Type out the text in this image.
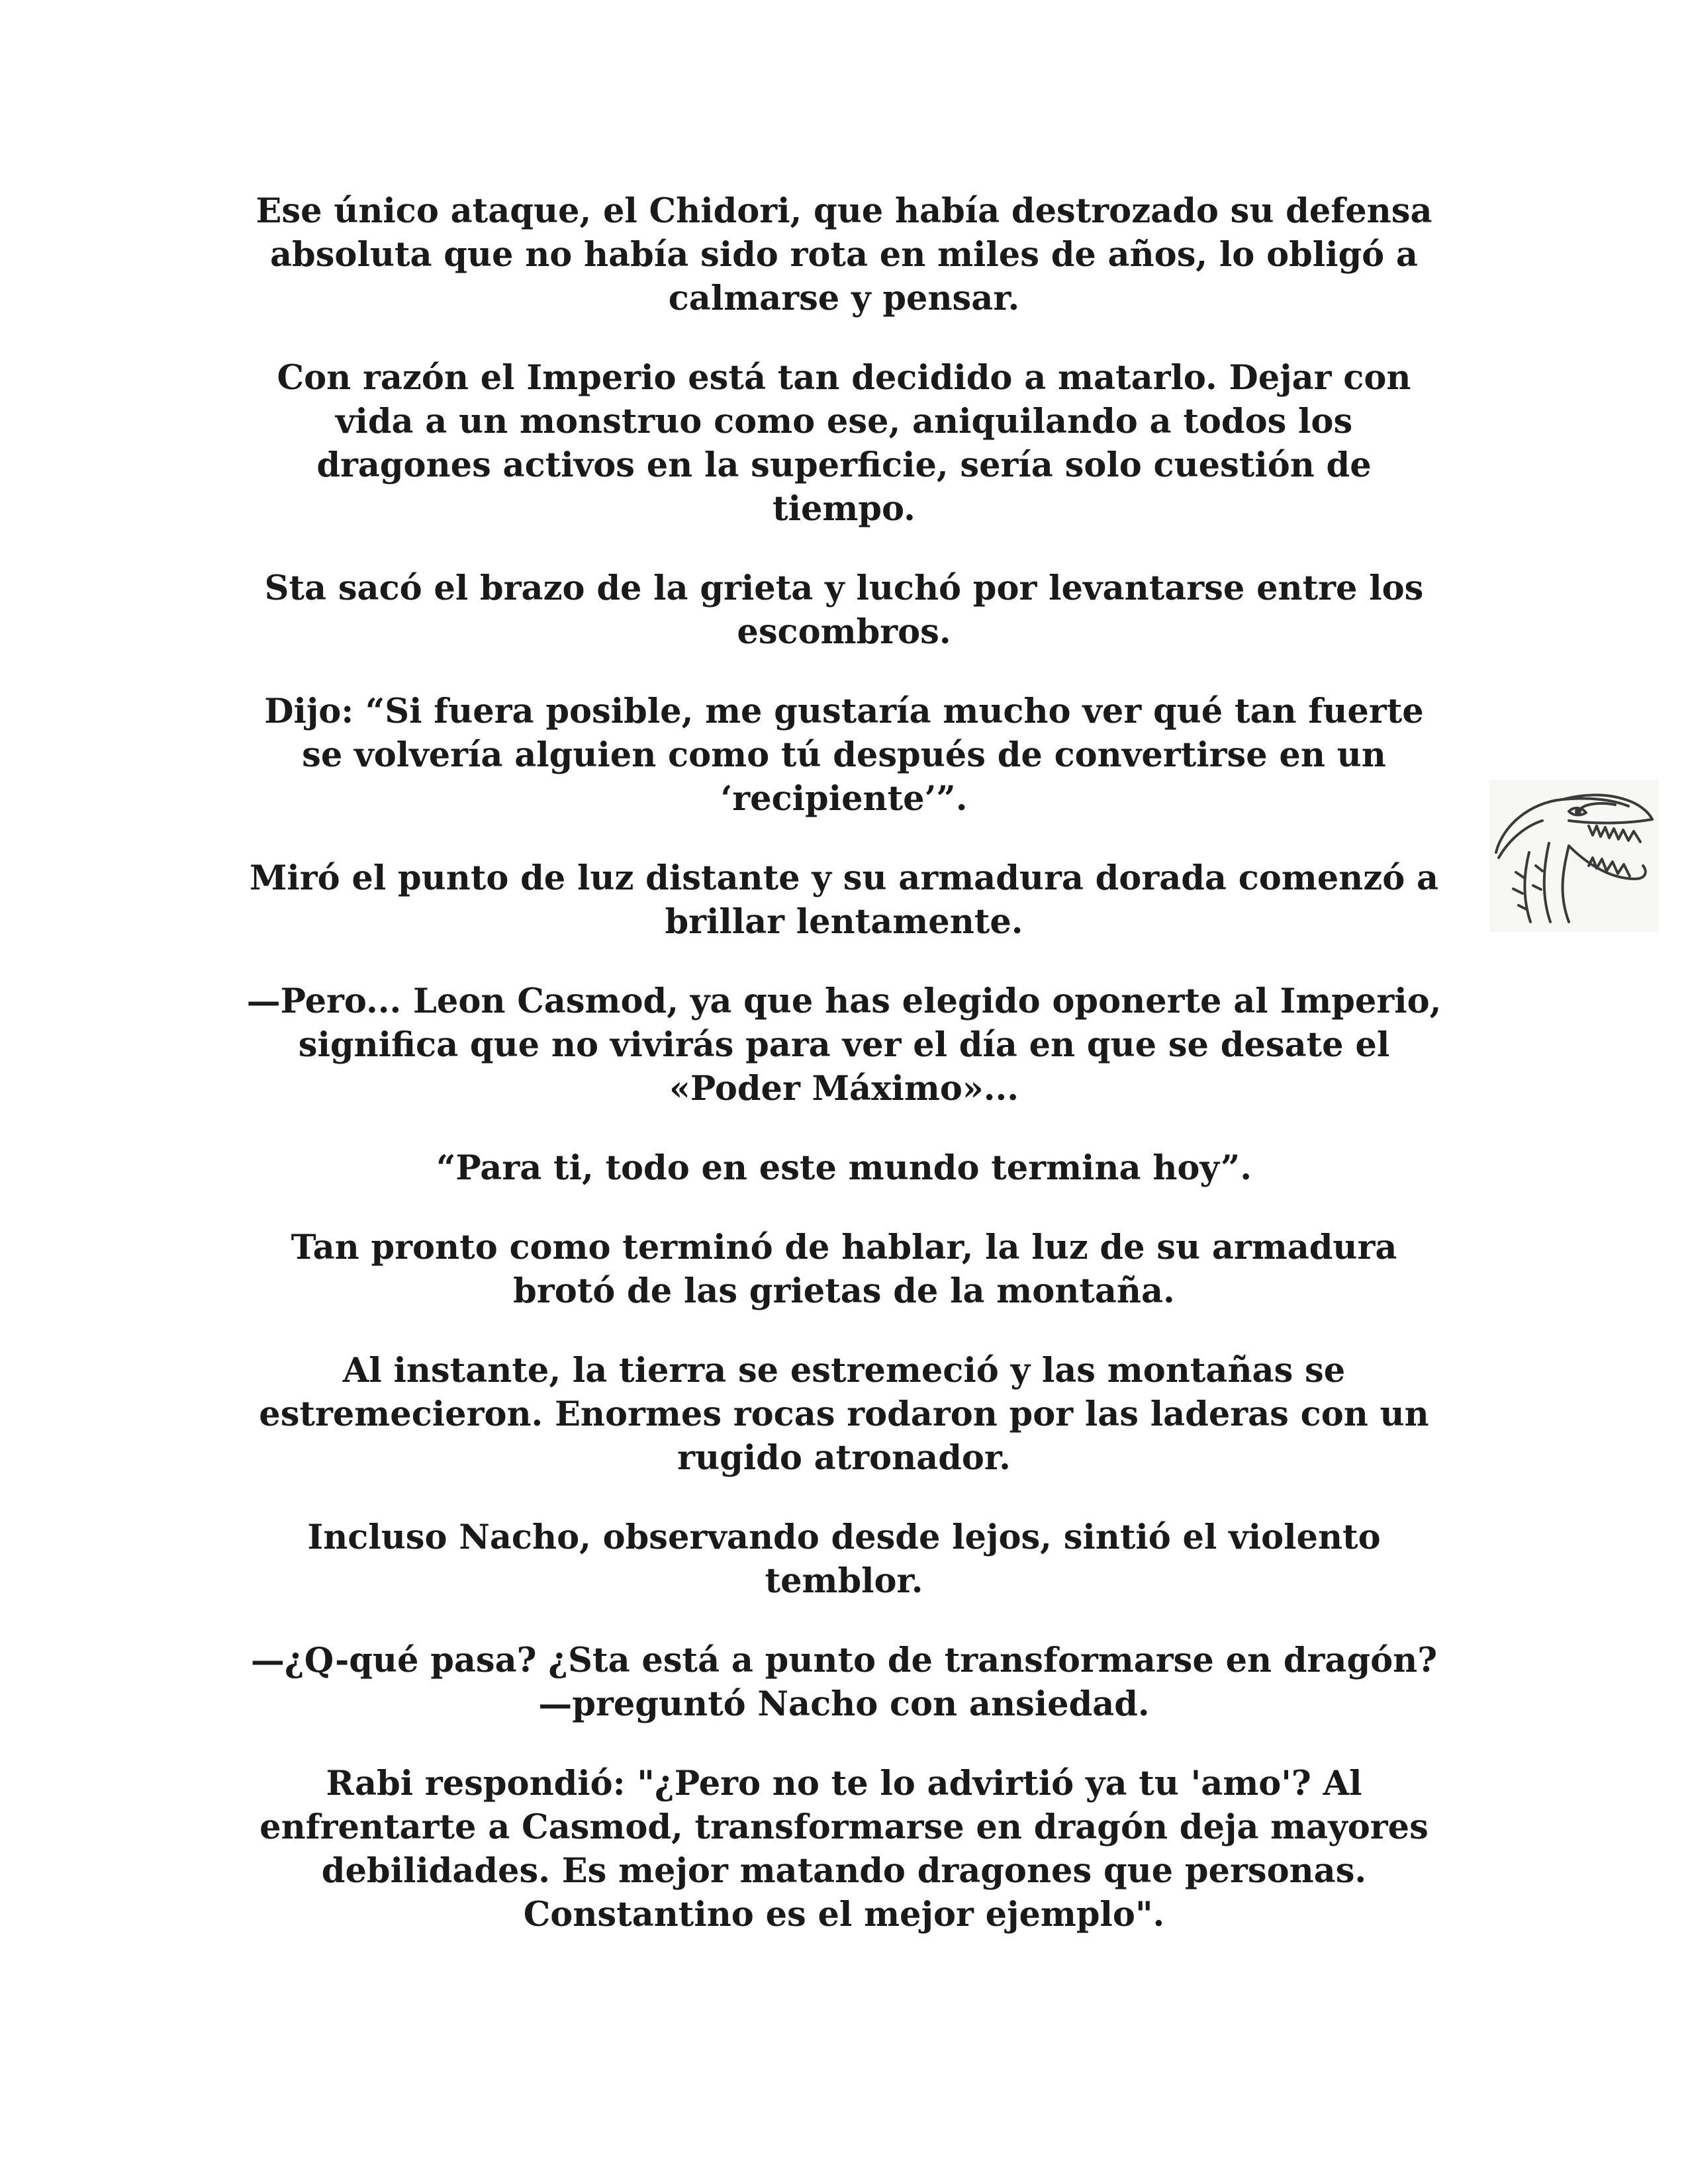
Ese único ataque, el Chidori, que había destrozado su defensa
absoluta que no había sido rota en miles de años, lo obligó a
calmarse y pensar.

Con razón el Imperio está tan decidido a matarlo. Dejar con
vida a un monstruo como ese, aniquilando a todos los
dragones activos en la superficie, sería solo cuestión de
tiempo.

Sta sacó el brazo de la grieta y luchó por levantarse entre los
escombros.

Dijo: “Si fuera posible, me gustaría mucho ver qué tan fuerte
se volvería alguien como tú después de convertirse en un
‘recipiente’”.

Miró el punto de luz distante y su armadura dorada comenzó a
brillar lentamente.

—Pero... Leon Casmod, ya que has elegido oponerte al Imperio,
significa que no vivirás para ver el día en que se desate el
«Poder Máximo»...

“Para ti, todo en este mundo termina hoy”.

Tan pronto como terminó de hablar, la luz de su armadura
brotó de las grietas de la montaña.

Al instante, la tierra se estremeció y las montañas se
estremecieron. Enormes rocas rodaron por las laderas con un
rugido atronador.

Incluso Nacho, observando desde lejos, sintió el violento
temblor.

—¿Q-qué pasa? ¿Sta está a punto de transformarse en dragón?
—preguntó Nacho con ansiedad.

Rabi respondió: "¿Pero no te lo advirtió ya tu 'amo'? Al
enfrentarte a Casmod, transformarse en dragón deja mayores
debilidades. Es mejor matando dragones que personas.
Constantino es el mejor ejemplo".
